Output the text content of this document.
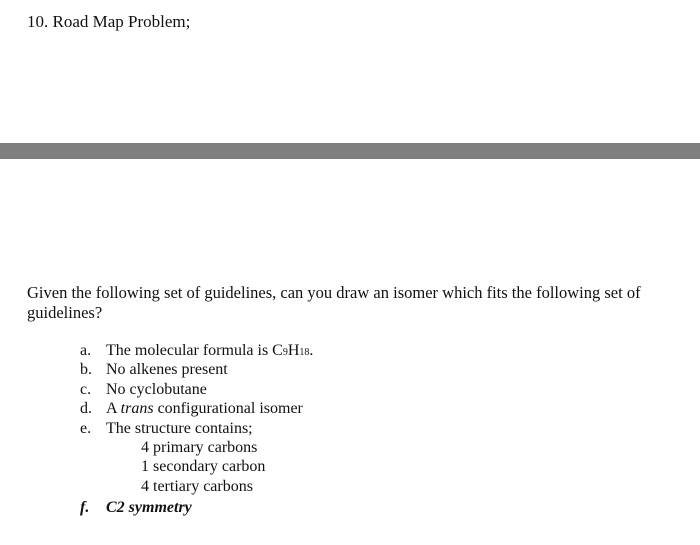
10. Road Map Problem;
Given the following set of guidelines, can you draw an isomer which fits the following set of guidelines?
a. The molecular formula is C9H18.
b. No alkenes present
c. No cyclobutane
d. A trans configurational isomer
e. The structure contains;
4 primary carbons
1 secondary carbon
4 tertiary carbons
f. C2 symmetry
